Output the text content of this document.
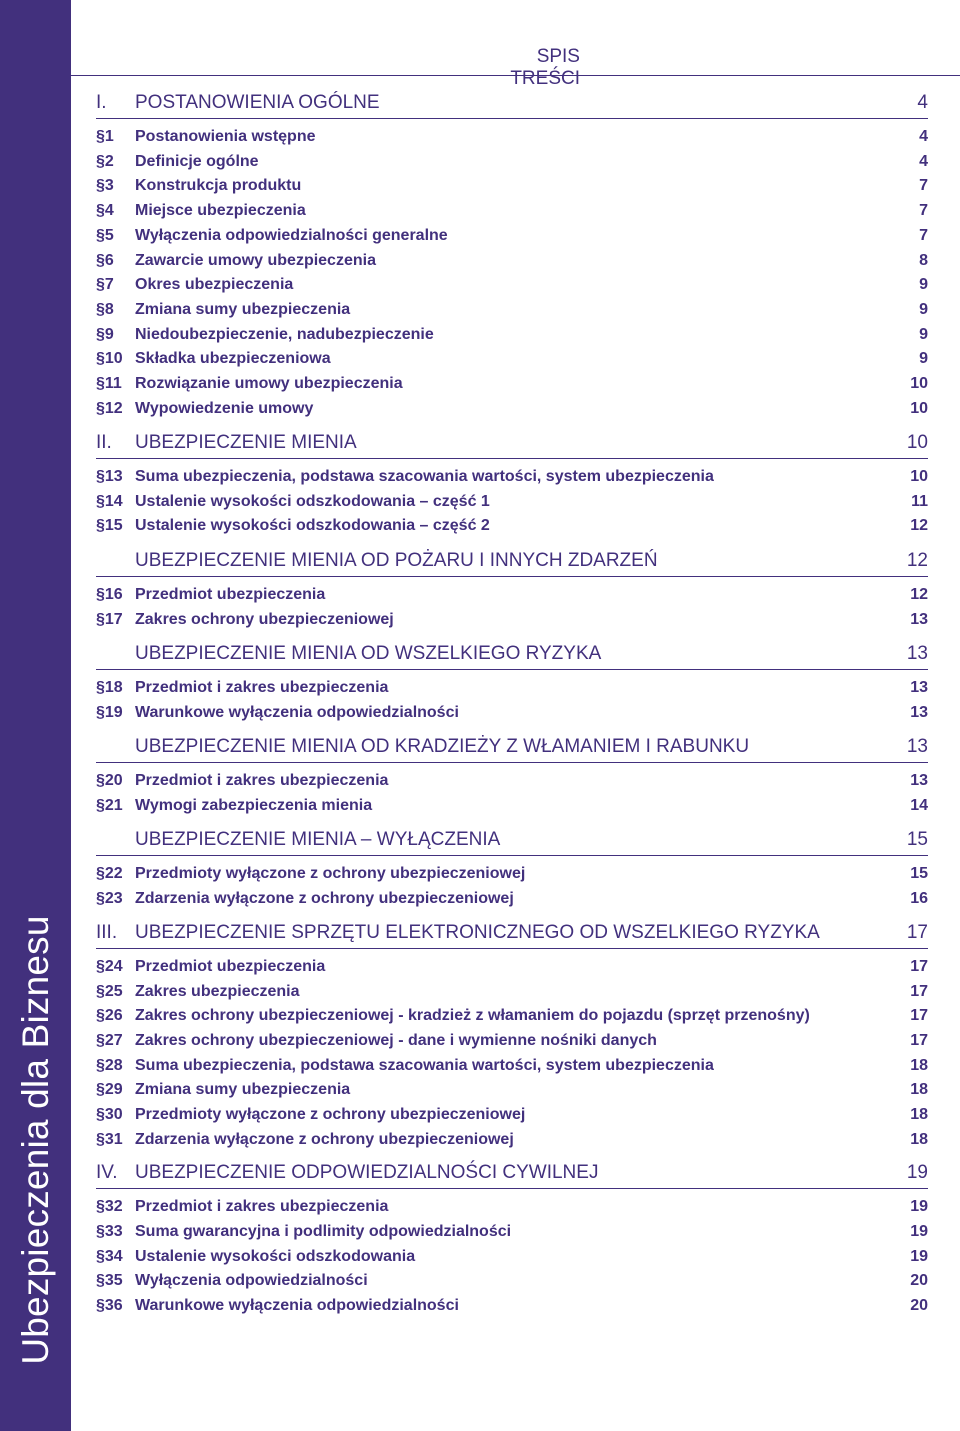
Ubezpieczenia dla Biznesu
SPIS TREŚCI
I. POSTANOWIENIA OGÓLNE	4
II. UBEZPIECZENIE MIENIA	10
UBEZPIECZENIE MIENIA OD POŻARU I INNYCH ZDARZEŃ	12
UBEZPIECZENIE MIENIA OD WSZELKIEGO RYZYKA	13
UBEZPIECZENIE MIENIA OD KRADZIEŻY Z WŁAMANIEM I RABUNKU	13
UBEZPIECZENIE MIENIA – WYŁĄCZENIA	15
III. UBEZPIECZENIE SPRZĘTU ELEKTRONICZNEGO OD WSZELKIEGO RYZYKA	17
IV. UBEZPIECZENIE ODPOWIEDZIALNOŚCI CYWILNEJ	19
§1 Postanowienia wstępne	4
§2 Definicje ogólne	4
§3 Konstrukcja produktu	7
§4 Miejsce ubezpieczenia	7
§5 Wyłączenia odpowiedzialności generalne	7
§6 Zawarcie umowy ubezpieczenia	8
§7 Okres ubezpieczenia	9
§8 Zmiana sumy ubezpieczenia	9
§9 Niedoubezpieczenie, nadubezpieczenie	9
§10 Składka ubezpieczeniowa	9
§11 Rozwiązanie umowy ubezpieczenia	10
§12 Wypowiedzenie umowy	10
§13 Suma ubezpieczenia, podstawa szacowania wartości, system ubezpieczenia	10
§14 Ustalenie wysokości odszkodowania – część 1	11
§15 Ustalenie wysokości odszkodowania – część 2	12
§16 Przedmiot ubezpieczenia	12
§17 Zakres ochrony ubezpieczeniowej	13
§18 Przedmiot i zakres ubezpieczenia	13
§19 Warunkowe wyłączenia odpowiedzialności	13
§20 Przedmiot i zakres ubezpieczenia	13
§21 Wymogi zabezpieczenia mienia	14
§22 Przedmioty wyłączone z ochrony ubezpieczeniowej	15
§23 Zdarzenia wyłączone z ochrony ubezpieczeniowej	16
§24 Przedmiot ubezpieczenia	17
§25 Zakres ubezpieczenia	17
§26 Zakres ochrony ubezpieczeniowej - kradzież z włamaniem do pojazdu (sprzęt przenośny)	17
§27 Zakres ochrony ubezpieczeniowej - dane i wymienne nośniki danych	17
§28 Suma ubezpieczenia, podstawa szacowania wartości, system ubezpieczenia	18
§29 Zmiana sumy ubezpieczenia	18
§30 Przedmioty wyłączone z ochrony ubezpieczeniowej	18
§31 Zdarzenia wyłączone z ochrony ubezpieczeniowej	18
§32 Przedmiot i zakres ubezpieczenia	19
§33 Suma gwarancyjna i podlimity odpowiedzialności	19
§34 Ustalenie wysokości odszkodowania	19
§35 Wyłączenia odpowiedzialności	20
§36 Warunkowe wyłączenia odpowiedzialności	20
